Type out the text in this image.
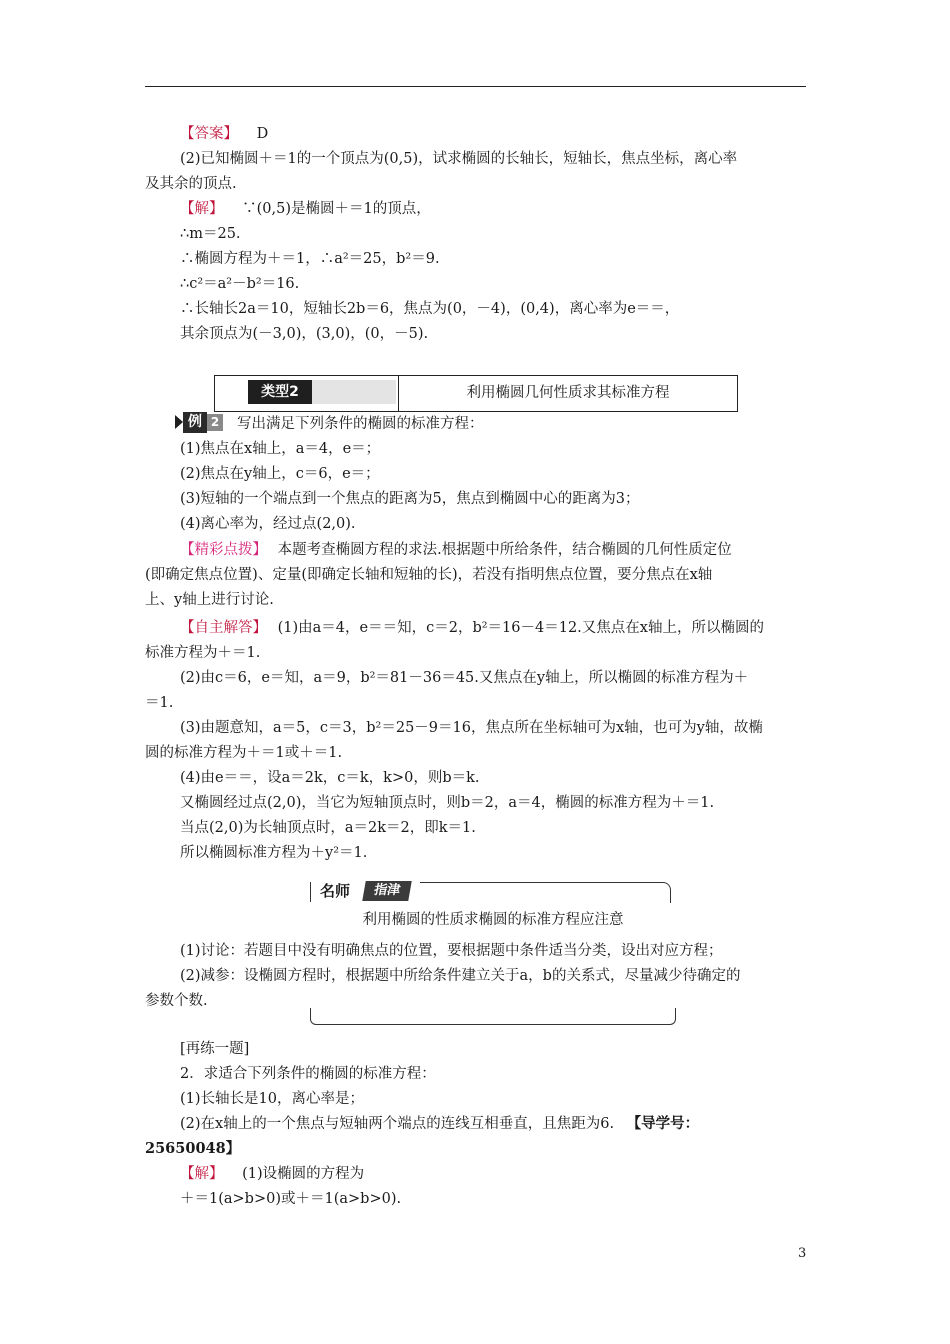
【答案】 D
(2)已知椭圆＋＝1的一个顶点为(0,5)，试求椭圆的长轴长，短轴长，焦点坐标，离心率
及其余的顶点.
【解】 ∵(0,5)是椭圆＋＝1的顶点，
∴m＝25.
∴椭圆方程为＋＝1，∴a²＝25，b²＝9.
∴c²＝a²－b²＝16.
∴长轴长2a＝10，短轴长2b＝6，焦点为(0，－4)，(0,4)，离心率为e＝＝，
其余顶点为(－3,0)，(3,0)，(0，－5).
类型2	利用椭圆几何性质求其标准方程
例 2 写出满足下列条件的椭圆的标准方程：
(1)焦点在x轴上，a＝4，e＝；
(2)焦点在y轴上，c＝6，e＝；
(3)短轴的一个端点到一个焦点的距离为5，焦点到椭圆中心的距离为3；
(4)离心率为，经过点(2,0).
【精彩点拨】 本题考查椭圆方程的求法.根据题中所给条件，结合椭圆的几何性质定位
(即确定焦点位置)、定量(即确定长轴和短轴的长)，若没有指明焦点位置，要分焦点在x轴
上、y轴上进行讨论.
【自主解答】 (1)由a＝4，e＝＝知，c＝2，b²＝16－4＝12.又焦点在x轴上，所以椭圆的
标准方程为＋＝1.
(2)由c＝6，e＝知，a＝9，b²＝81－36＝45.又焦点在y轴上，所以椭圆的标准方程为＋
＝1.
(3)由题意知，a＝5，c＝3，b²＝25－9＝16，焦点所在坐标轴可为x轴，也可为y轴，故椭
圆的标准方程为＋＝1或＋＝1.
(4)由e＝＝，设a＝2k，c＝k，k>0，则b＝k.
又椭圆经过点(2,0)，当它为短轴顶点时，则b＝2，a＝4，椭圆的标准方程为＋＝1.
当点(2,0)为长轴顶点时，a＝2k＝2，即k＝1.
所以椭圆标准方程为＋y²＝1.
名师	指津
利用椭圆的性质求椭圆的标准方程应注意
(1)讨论：若题目中没有明确焦点的位置，要根据题中条件适当分类，设出对应方程；
(2)减参：设椭圆方程时，根据题中所给条件建立关于a，b的关系式，尽量减少待确定的
参数个数.
[再练一题]
2．求适合下列条件的椭圆的标准方程：
(1)长轴长是10，离心率是；
(2)在x轴上的一个焦点与短轴两个端点的连线互相垂直，且焦距为6. 【导学号：
25650048】
【解】 (1)设椭圆的方程为
＋＝1(a>b>0)或＋＝1(a>b>0).
3
